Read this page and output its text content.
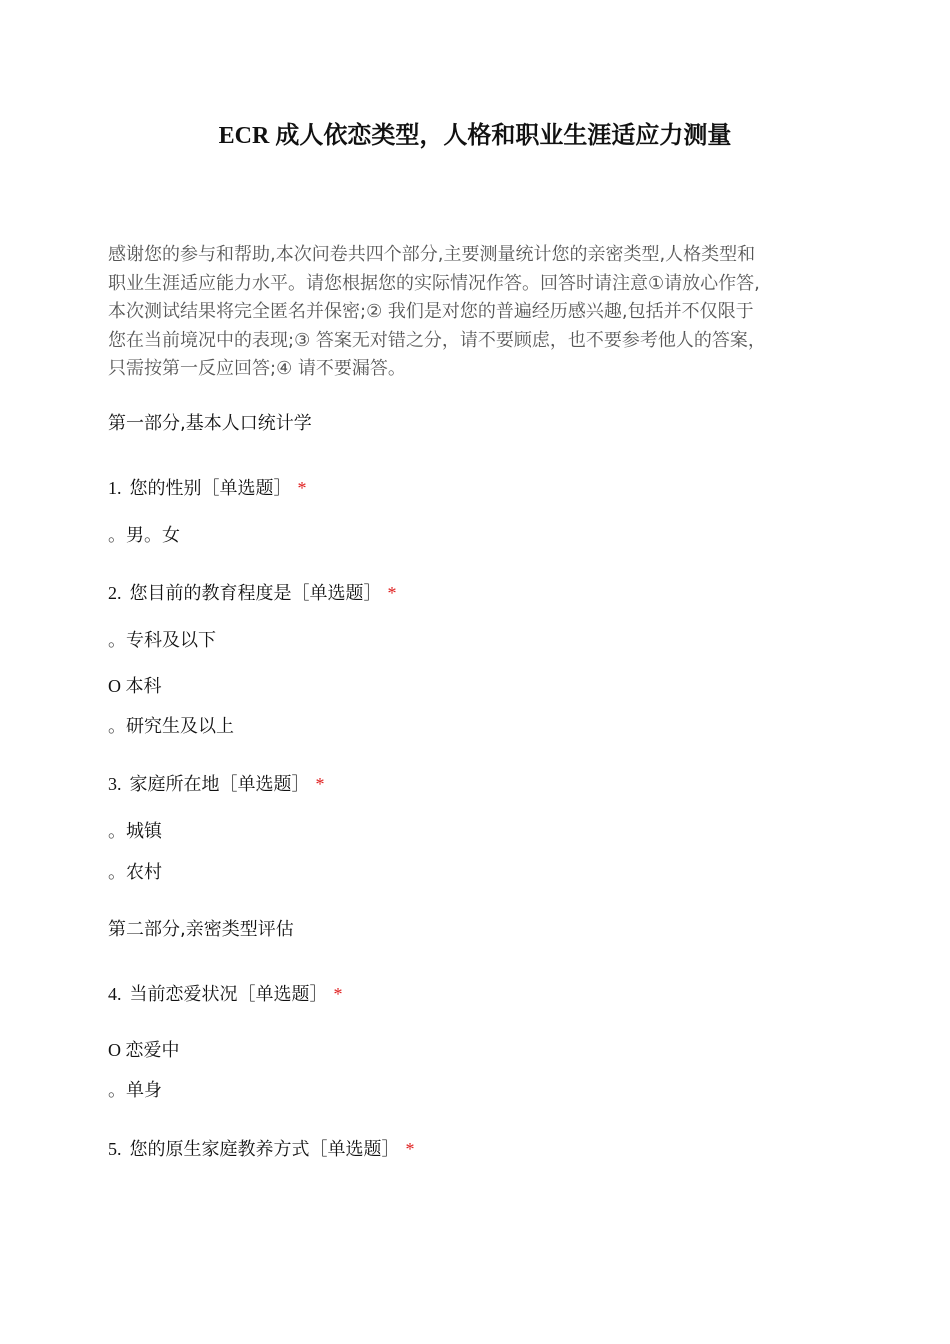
ECR 成人依恋类型，人格和职业生涯适应力测量
感谢您的参与和帮助,本次问卷共四个部分,主要测量统计您的亲密类型,人格类型和
职业生涯适应能力水平。请您根据您的实际情况作答。回答时请注意①请放心作答,
本次测试结果将完全匿名并保密;② 我们是对您的普遍经历感兴趣,包括并不仅限于
您在当前境况中的表现;③ 答案无对错之分，请不要顾虑，也不要参考他人的答案，
只需按第一反应回答;④ 请不要漏答。
第一部分,基本人口统计学
1. 您的性别［单选题］ *
。男。女
2. 您目前的教育程度是［单选题］ *
。专科及以下
O 本科
。研究生及以上
3. 家庭所在地［单选题］ *
。城镇
。农村
第二部分,亲密类型评估
4. 当前恋爱状况［单选题］ *
O 恋爱中
。单身
5. 您的原生家庭教养方式［单选题］ *
